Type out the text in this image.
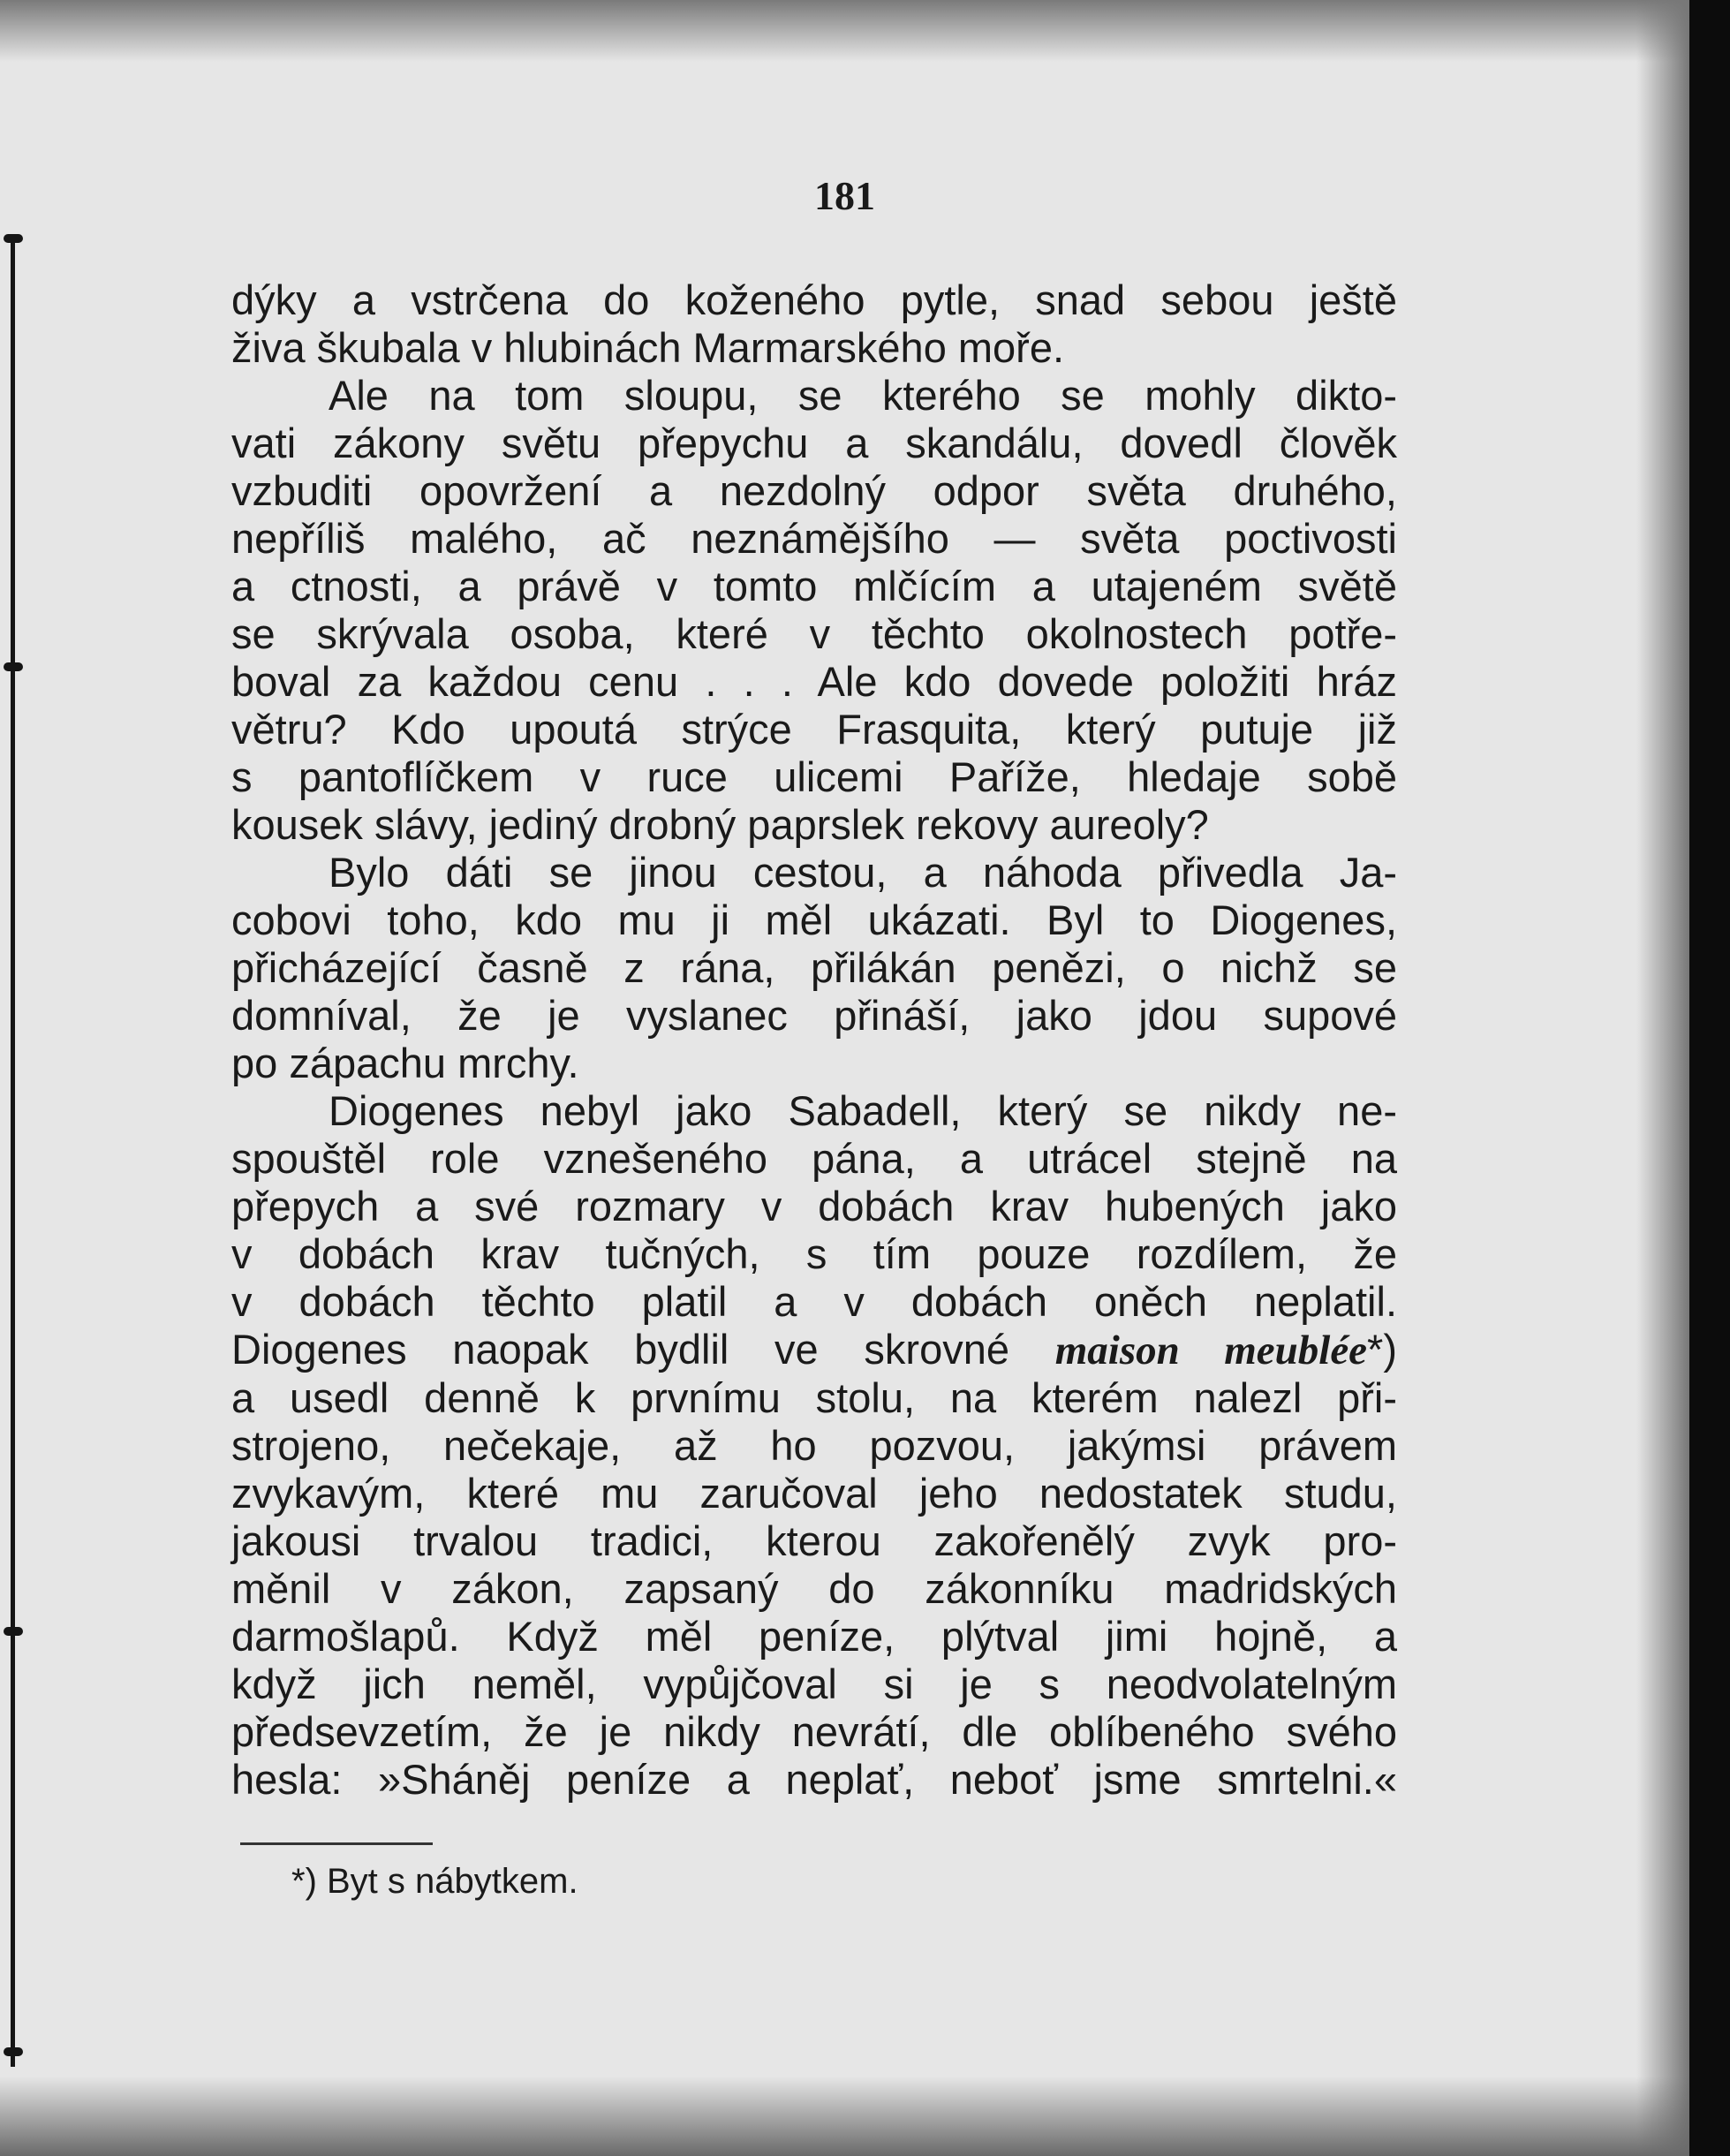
181
dýky a vstrčena do koženého pytle, snad sebou ještě
živa škubala v hlubinách Marmarského moře.
Ale na tom sloupu, se kterého se mohly dikto-
vati zákony světu přepychu a skandálu, dovedl člověk
vzbuditi opovržení a nezdolný odpor světa druhého,
nepříliš malého, ač neznámějšího — světa poctivosti
a ctnosti, a právě v tomto mlčícím a utajeném světě
se skrývala osoba, které v těchto okolnostech potře-
boval za každou cenu . . . Ale kdo dovede položiti hráz
větru? Kdo upoutá strýce Frasquita, který putuje již
s pantoflíčkem v ruce ulicemi Paříže, hledaje sobě
kousek slávy, jediný drobný paprslek rekovy aureoly?
Bylo dáti se jinou cestou, a náhoda přivedla Ja-
cobovi toho, kdo mu ji měl ukázati. Byl to Diogenes,
přicházející časně z rána, přilákán penězi, o nichž se
domníval, že je vyslanec přináší, jako jdou supové
po zápachu mrchy.
Diogenes nebyl jako Sabadell, který se nikdy ne-
spouštěl role vznešeného pána, a utrácel stejně na
přepych a své rozmary v dobách krav hubených jako
v dobách krav tučných, s tím pouze rozdílem, že
v dobách těchto platil a v dobách oněch neplatil.
Diogenes naopak bydlil ve skrovné maison meublée*)
a usedl denně k prvnímu stolu, na kterém nalezl při-
strojeno, nečekaje, až ho pozvou, jakýmsi právem
zvykavým, které mu zaručoval jeho nedostatek studu,
jakousi trvalou tradici, kterou zakořenělý zvyk pro-
měnil v zákon, zapsaný do zákonníku madridských
darmošlapů. Když měl peníze, plýtval jimi hojně, a
když jich neměl, vypůjčoval si je s neodvolatelným
předsevzetím, že je nikdy nevrátí, dle oblíbeného svého
hesla: »Sháněj peníze a neplať, neboť jsme smrtelni.«
*) Byt s nábytkem.
